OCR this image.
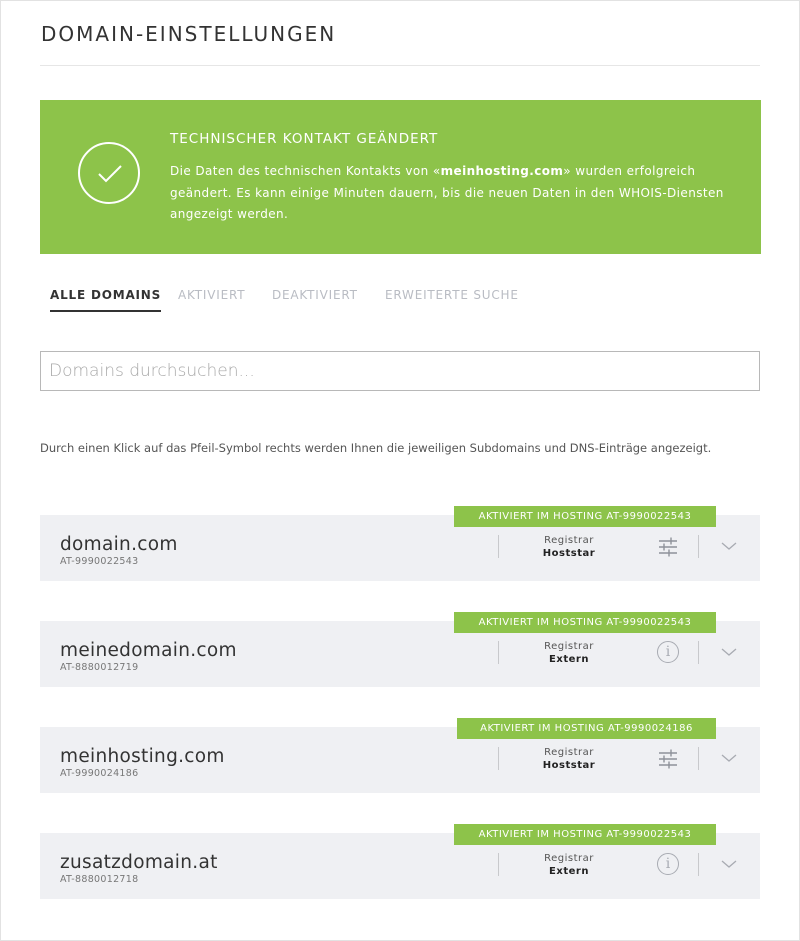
DOMAIN-EINSTELLUNGEN
TECHNISCHER KONTAKT GEÄNDERT
Die Daten des technischen Kontakts von «meinhosting.com» wurden erfolgreich geändert. Es kann einige Minuten dauern, bis die neuen Daten in den WHOIS-Diensten angezeigt werden.
ALLE DOMAINS AKTIVIERT DEAKTIVIERT ERWEITERTE SUCHE
Domains durchsuchen...

Durch einen Klick auf das Pfeil-Symbol rechts werden Ihnen die jeweiligen Subdomains und DNS-Einträge angezeigt.

AKTIVIERT IM HOSTING AT-9990022543
domain.com
AT-9990022543
Registrar
Hoststar
AKTIVIERT IM HOSTING AT-9990022543
meinedomain.com
AT-8880012719
Registrar
Extern	i
AKTIVIERT IM HOSTING AT-9990024186
meinhosting.com
AT-9990024186
Registrar
Hoststar
AKTIVIERT IM HOSTING AT-9990022543
zusatzdomain.at
AT-8880012718
Registrar
Extern	i
